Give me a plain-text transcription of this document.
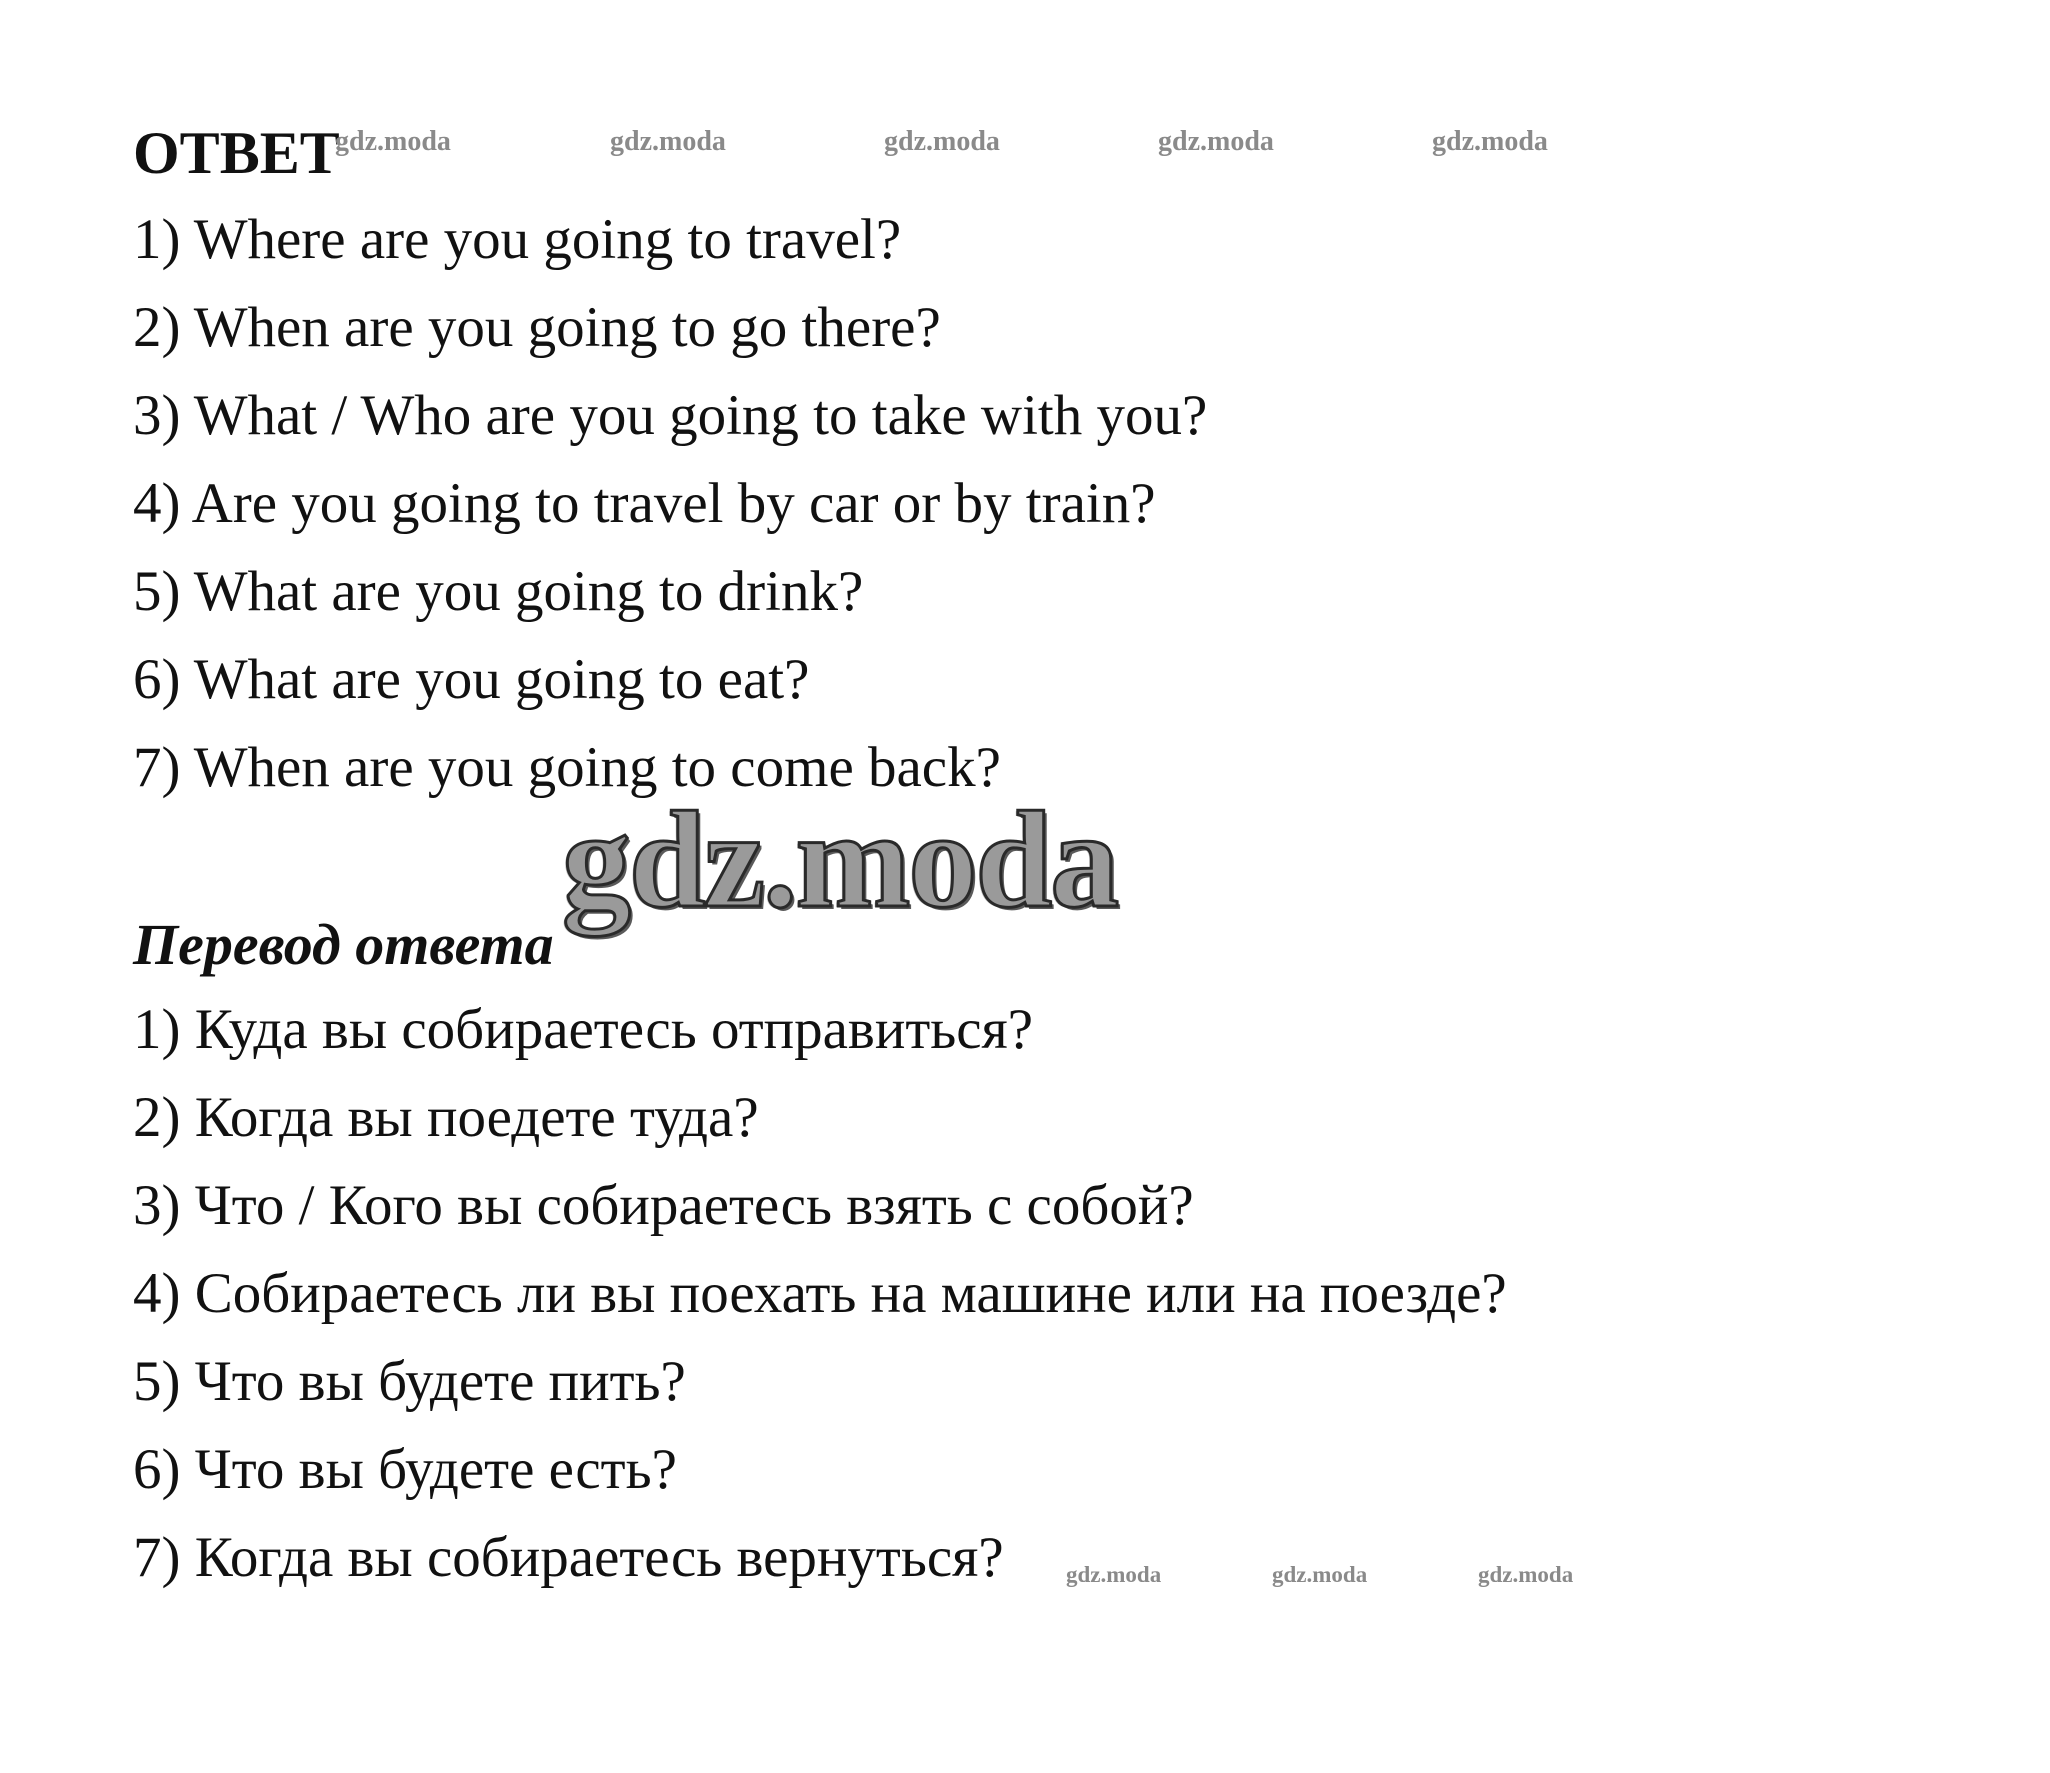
ОТВЕТ
gdz.moda	gdz.moda	gdz.moda	gdz.moda	gdz.moda
1) Where are you going to travel?
2) When are you going to go there?
3) What / Who are you going to take with you?
4) Are you going to travel by car or by train?
5) What are you going to drink?
6) What are you going to eat?
7) When are you going to come back?
gdz.moda
Перевод ответа
1) Куда вы собираетесь отправиться?
2) Когда вы поедете туда?
3) Что / Кого вы собираетесь взять с собой?
4) Собираетесь ли вы поехать на машине или на поезде?
5) Что вы будете пить?
6) Что вы будете есть?
7) Когда вы собираетесь вернуться?	gdz.moda	gdz.moda	gdz.moda
